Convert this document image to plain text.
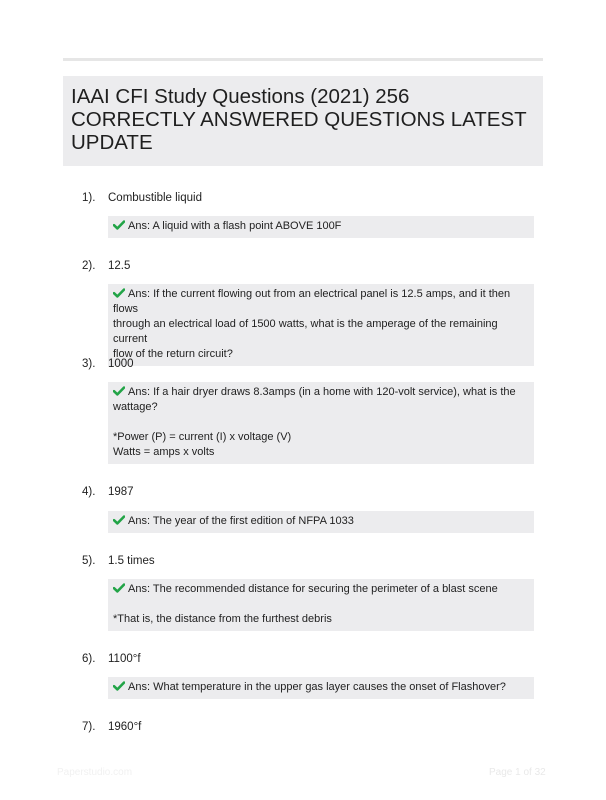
IAAI CFI Study Questions (2021) 256 CORRECTLY ANSWERED QUESTIONS LATEST UPDATE
1). Combustible liquid
Ans: A liquid with a flash point ABOVE 100F
2). 12.5
Ans: If the current flowing out from an electrical panel is 12.5 amps, and it then flows
through an electrical load of 1500 watts, what is the amperage of the remaining current
flow of the return circuit?
3). 1000
Ans: If a hair dryer draws 8.3amps (in a home with 120-volt service), what is the
wattage?
*Power (P) = current (I) x voltage (V)
Watts = amps x volts
4). 1987
Ans: The year of the first edition of NFPA 1033
5). 1.5 times
Ans: The recommended distance for securing the perimeter of a blast scene
*That is, the distance from the furthest debris
6). 1100°f
Ans: What temperature in the upper gas layer causes the onset of Flashover?
7). 1960°f
Paperstudio.com	Page 1 of 32
